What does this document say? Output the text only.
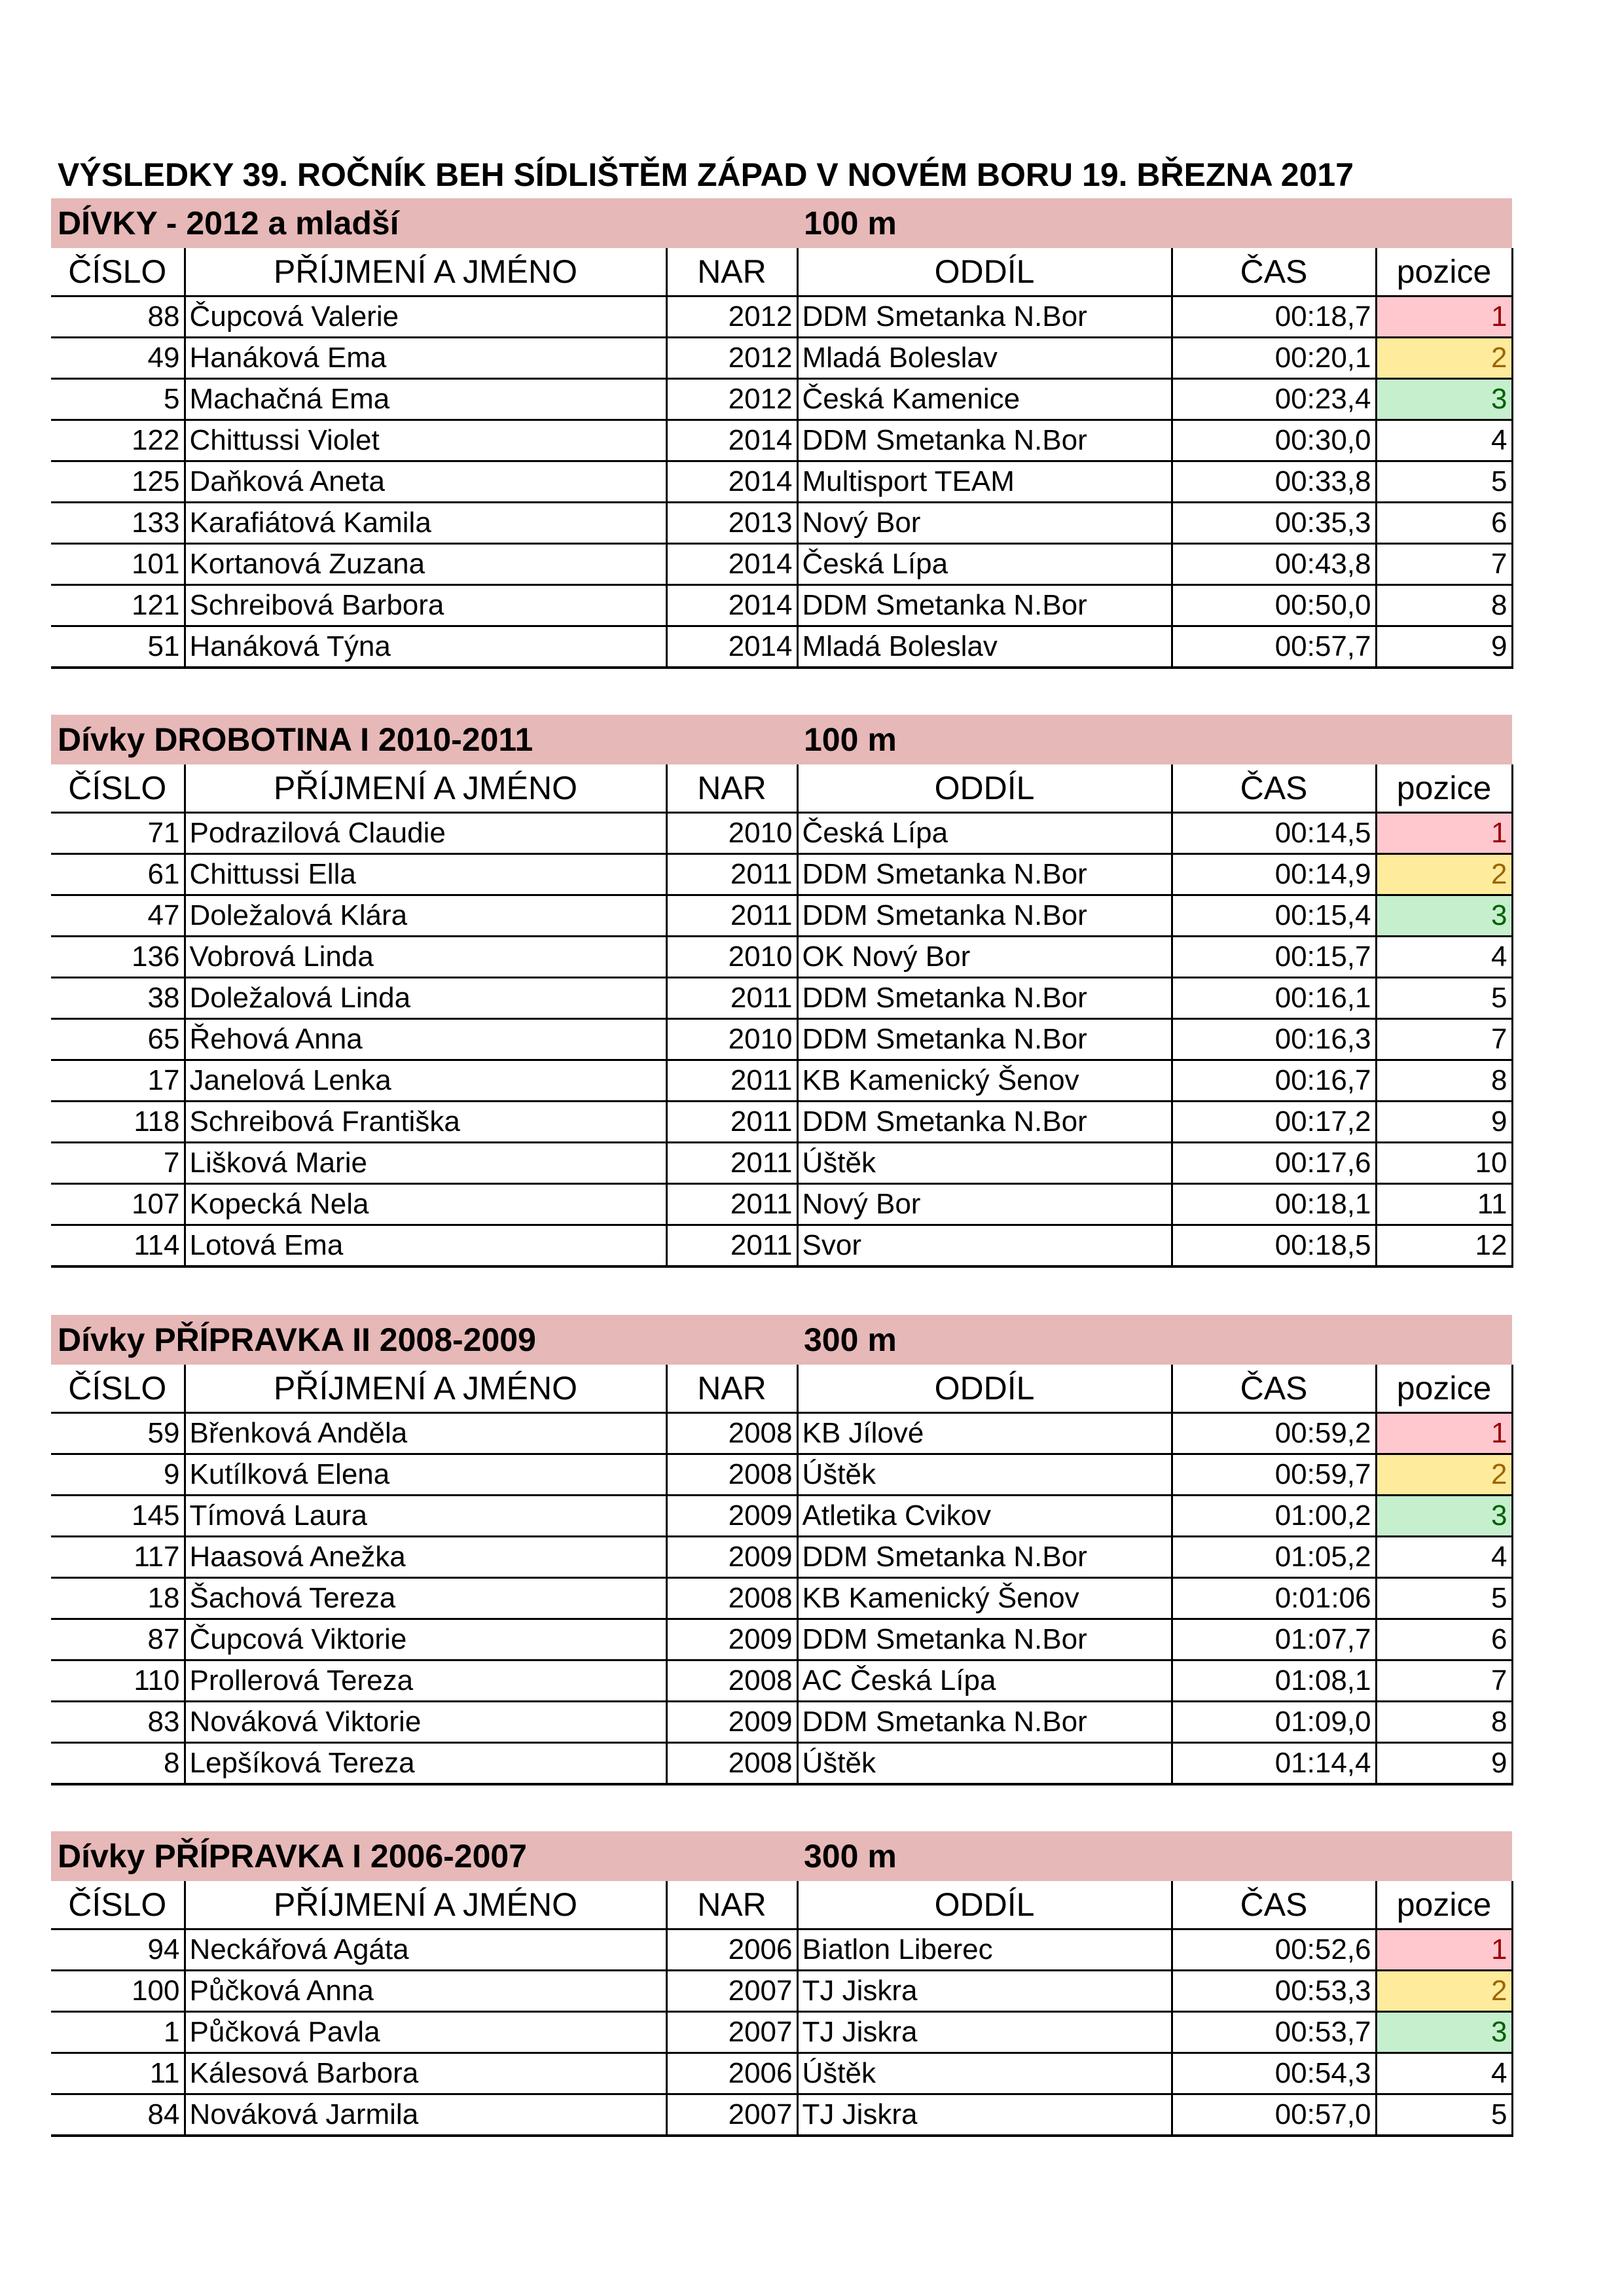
VÝSLEDKY 39. ROČNÍK BEH SÍDLIŠTĚM ZÁPAD V NOVÉM BORU 19. BŘEZNA 2017
DÍVKY - 2012 a mladší	100 m
ČÍSLO	PŘÍJMENÍ A JMÉNO	NAR	ODDÍL	ČAS	pozice
88	Čupcová Valerie	2012	DDM Smetanka N.Bor	00:18,7	1
49	Hanáková Ema	2012	Mladá Boleslav	00:20,1	2
5	Machačná Ema	2012	Česká Kamenice	00:23,4	3
122	Chittussi Violet	2014	DDM Smetanka N.Bor	00:30,0	4
125	Daňková Aneta	2014	Multisport TEAM	00:33,8	5
133	Karafiátová Kamila	2013	Nový Bor	00:35,3	6
101	Kortanová Zuzana	2014	Česká Lípa	00:43,8	7
121	Schreibová Barbora	2014	DDM Smetanka N.Bor	00:50,0	8
51	Hanáková Týna	2014	Mladá Boleslav	00:57,7	9
Dívky DROBOTINA I 2010-2011	100 m
ČÍSLO	PŘÍJMENÍ A JMÉNO	NAR	ODDÍL	ČAS	pozice
71	Podrazilová Claudie	2010	Česká Lípa	00:14,5	1
61	Chittussi Ella	2011	DDM Smetanka N.Bor	00:14,9	2
47	Doležalová Klára	2011	DDM Smetanka N.Bor	00:15,4	3
136	Vobrová Linda	2010	OK Nový Bor	00:15,7	4
38	Doležalová Linda	2011	DDM Smetanka N.Bor	00:16,1	5
65	Řehová Anna	2010	DDM Smetanka N.Bor	00:16,3	7
17	Janelová Lenka	2011	KB Kamenický Šenov	00:16,7	8
118	Schreibová Františka	2011	DDM Smetanka N.Bor	00:17,2	9
7	Lišková Marie	2011	Úštěk	00:17,6	10
107	Kopecká Nela	2011	Nový Bor	00:18,1	11
114	Lotová Ema	2011	Svor	00:18,5	12
Dívky PŘÍPRAVKA II 2008-2009	300 m
ČÍSLO	PŘÍJMENÍ A JMÉNO	NAR	ODDÍL	ČAS	pozice
59	Břenková Anděla	2008	KB Jílové	00:59,2	1
9	Kutílková Elena	2008	Úštěk	00:59,7	2
145	Tímová Laura	2009	Atletika Cvikov	01:00,2	3
117	Haasová Anežka	2009	DDM Smetanka N.Bor	01:05,2	4
18	Šachová Tereza	2008	KB Kamenický Šenov	0:01:06	5
87	Čupcová Viktorie	2009	DDM Smetanka N.Bor	01:07,7	6
110	Prollerová Tereza	2008	AC Česká Lípa	01:08,1	7
83	Nováková Viktorie	2009	DDM Smetanka N.Bor	01:09,0	8
8	Lepšíková Tereza	2008	Úštěk	01:14,4	9
Dívky PŘÍPRAVKA I 2006-2007	300 m
ČÍSLO	PŘÍJMENÍ A JMÉNO	NAR	ODDÍL	ČAS	pozice
94	Neckářová Agáta	2006	Biatlon Liberec	00:52,6	1
100	Půčková Anna	2007	TJ Jiskra	00:53,3	2
1	Půčková Pavla	2007	TJ Jiskra	00:53,7	3
11	Kálesová Barbora	2006	Úštěk	00:54,3	4
84	Nováková Jarmila	2007	TJ Jiskra	00:57,0	5
